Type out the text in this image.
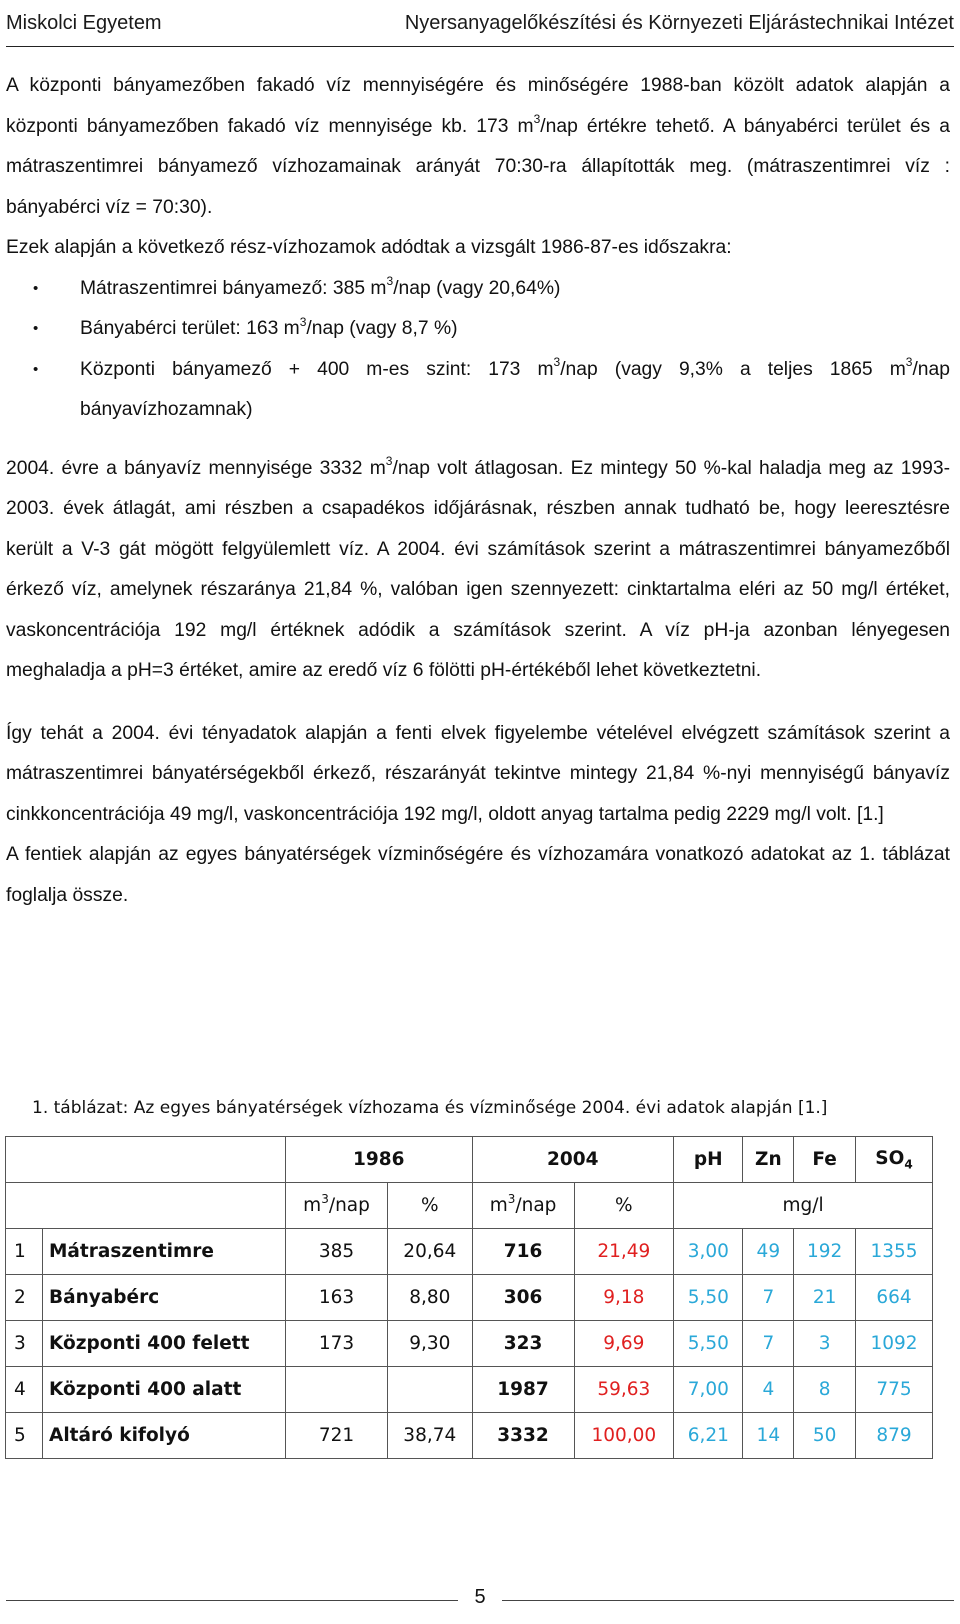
Miskolci Egyetem	Nyersanyagelőkészítési és Környezeti Eljárástechnikai Intézet

A központi bányamezőben fakadó víz mennyiségére és minőségére 1988-ban közölt adatok alapján a központi bányamezőben fakadó víz mennyisége kb. 173 $m^3$/nap értékre tehető. A bányabérci terület és a mátraszentimrei bányamező vízhozamainak arányát 70:30-ra állapították meg. (mátraszentimrei víz : bányabérci víz = 70:30).

Ezek alapján a következő rész-vízhozamok adódtak a vizsgált 1986-87-es időszakra:

• Mátraszentimrei bányamező: 385 $m^3$/nap (vagy 20,64%)
• Bányabérci terület: 163 $m^3$/nap (vagy 8,7 %)
• Központi bányamező + 400 m-es szint: 173 $m^3$/nap (vagy 9,3% a teljes 1865 $m^3$/nap bányavízhozamnak)

2004. évre a bányavíz mennyisége 3332 $m^3$/nap volt átlagosan. Ez mintegy 50 %-kal haladja meg az 1993-2003. évek átlagát, ami részben a csapadékos időjárásnak, részben annak tudható be, hogy leeresztésre került a V-3 gát mögött felgyülemlett víz. A 2004. évi számítások szerint a mátraszentimrei bányamezőből érkező víz, amelynek részaránya 21,84 %, valóban igen szennyezett: cinktartalma eléri az 50 mg/l értéket, vaskoncentrációja 192 mg/l értéknek adódik a számítások szerint. A víz pH-ja azonban lényegesen meghaladja a pH=3 értéket, amire az eredő víz 6 fölötti pH-értékéből lehet következtetni.

Így tehát a 2004. évi tényadatok alapján a fenti elvek figyelembe vételével elvégzett számítások szerint a mátraszentimrei bányatérségekből érkező, részarányát tekintve mintegy 21,84 %-nyi mennyiségű bányavíz cinkkoncentrációja 49 mg/l, vaskoncentrációja 192 mg/l, oldott anyag tartalma pedig 2229 mg/l volt. [1.]

A fentiek alapján az egyes bányatérségek vízminőségére és vízhozamára vonatkozó adatokat az 1. táblázat foglalja össze.

1. táblázat: Az egyes bányatérségek vízhozama és vízminősége 2004. évi adatok alapján [1.]
		1986		2004		pH	Zn	Fe	$SO_4$
		$m^3$/nap	%	$m^3$/nap	%	mg/l			
1	Mátraszentimre	385	20,64	716	21,49	3,00	49	192	1355
2	Bányabérc	163	8,80	306	9,18	5,50	7	21	664
3	Központi 400 felett	173	9,30	323	9,69	5,50	7	3	1092
4	Központi 400 alatt			1987	59,63	7,00	4	8	775
5	Altáró kifolyó	721	38,74	3332	100,00	6,21	14	50	879
5
